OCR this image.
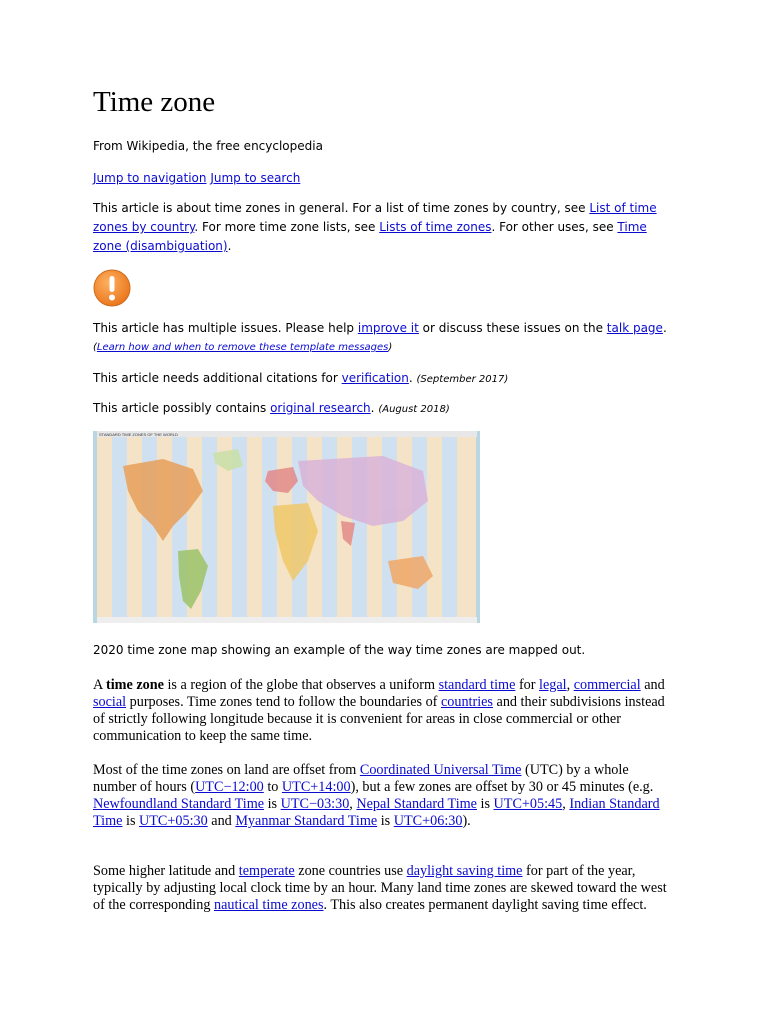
Time zone
From Wikipedia, the free encyclopedia
Jump to navigation Jump to search
This article is about time zones in general. For a list of time zones by country, see List of time zones by country. For more time zone lists, see Lists of time zones. For other uses, see Time zone (disambiguation).
This article has multiple issues. Please help improve it or discuss these issues on the talk page.
(Learn how and when to remove these template messages)
This article needs additional citations for verification. (September 2017)
This article possibly contains original research. (August 2018)
STANDARD TIME ZONES OF THE WORLD
2020 time zone map showing an example of the way time zones are mapped out.
A time zone is a region of the globe that observes a uniform standard time for legal, commercial and social purposes. Time zones tend to follow the boundaries of countries and their subdivisions instead of strictly following longitude because it is convenient for areas in close commercial or other communication to keep the same time.
Most of the time zones on land are offset from Coordinated Universal Time (UTC) by a whole number of hours (UTC−12:00 to UTC+14:00), but a few zones are offset by 30 or 45 minutes (e.g. Newfoundland Standard Time is UTC−03:30, Nepal Standard Time is UTC+05:45, Indian Standard Time is UTC+05:30 and Myanmar Standard Time is UTC+06:30).
Some higher latitude and temperate zone countries use daylight saving time for part of the year, typically by adjusting local clock time by an hour. Many land time zones are skewed toward the west of the corresponding nautical time zones. This also creates permanent daylight saving time effect.
